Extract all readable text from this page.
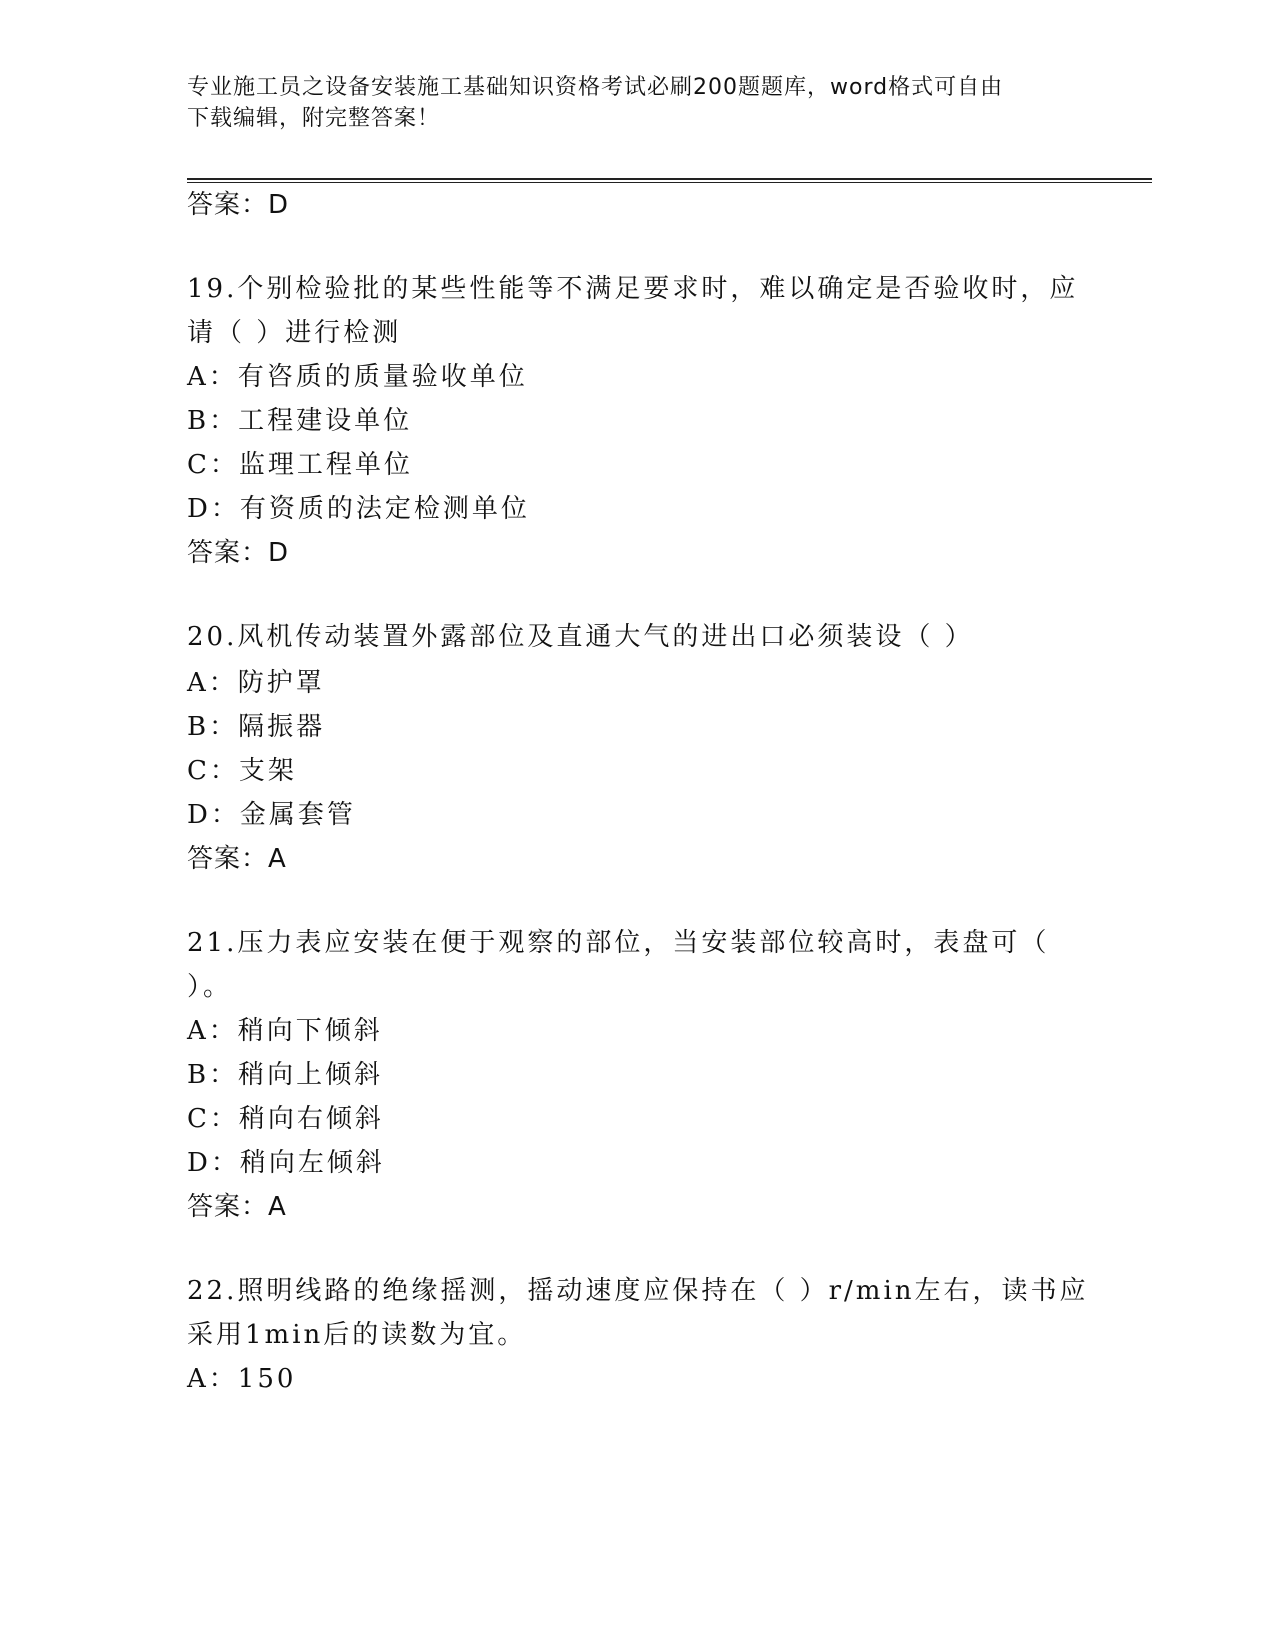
专业施工员之设备安装施工基础知识资格考试必刷200题题库，word格式可自由
下载编辑，附完整答案！
答案：D
19.个别检验批的某些性能等不满足要求时，难以确定是否验收时，应
请（ ）进行检测
A：有咨质的质量验收单位
B：工程建设单位
C：监理工程单位
D：有资质的法定检测单位
答案：D
20.风机传动装置外露部位及直通大气的进出口必须装设（ ）
A：防护罩
B：隔振器
C：支架
D：金属套管
答案：A
21.压力表应安装在便于观察的部位，当安装部位较高时，表盘可（
）。
A：稍向下倾斜
B：稍向上倾斜
C：稍向右倾斜
D：稍向左倾斜
答案：A
22.照明线路的绝缘摇测，摇动速度应保持在（ ）r/min左右，读书应
采用1min后的读数为宜。
A：150
